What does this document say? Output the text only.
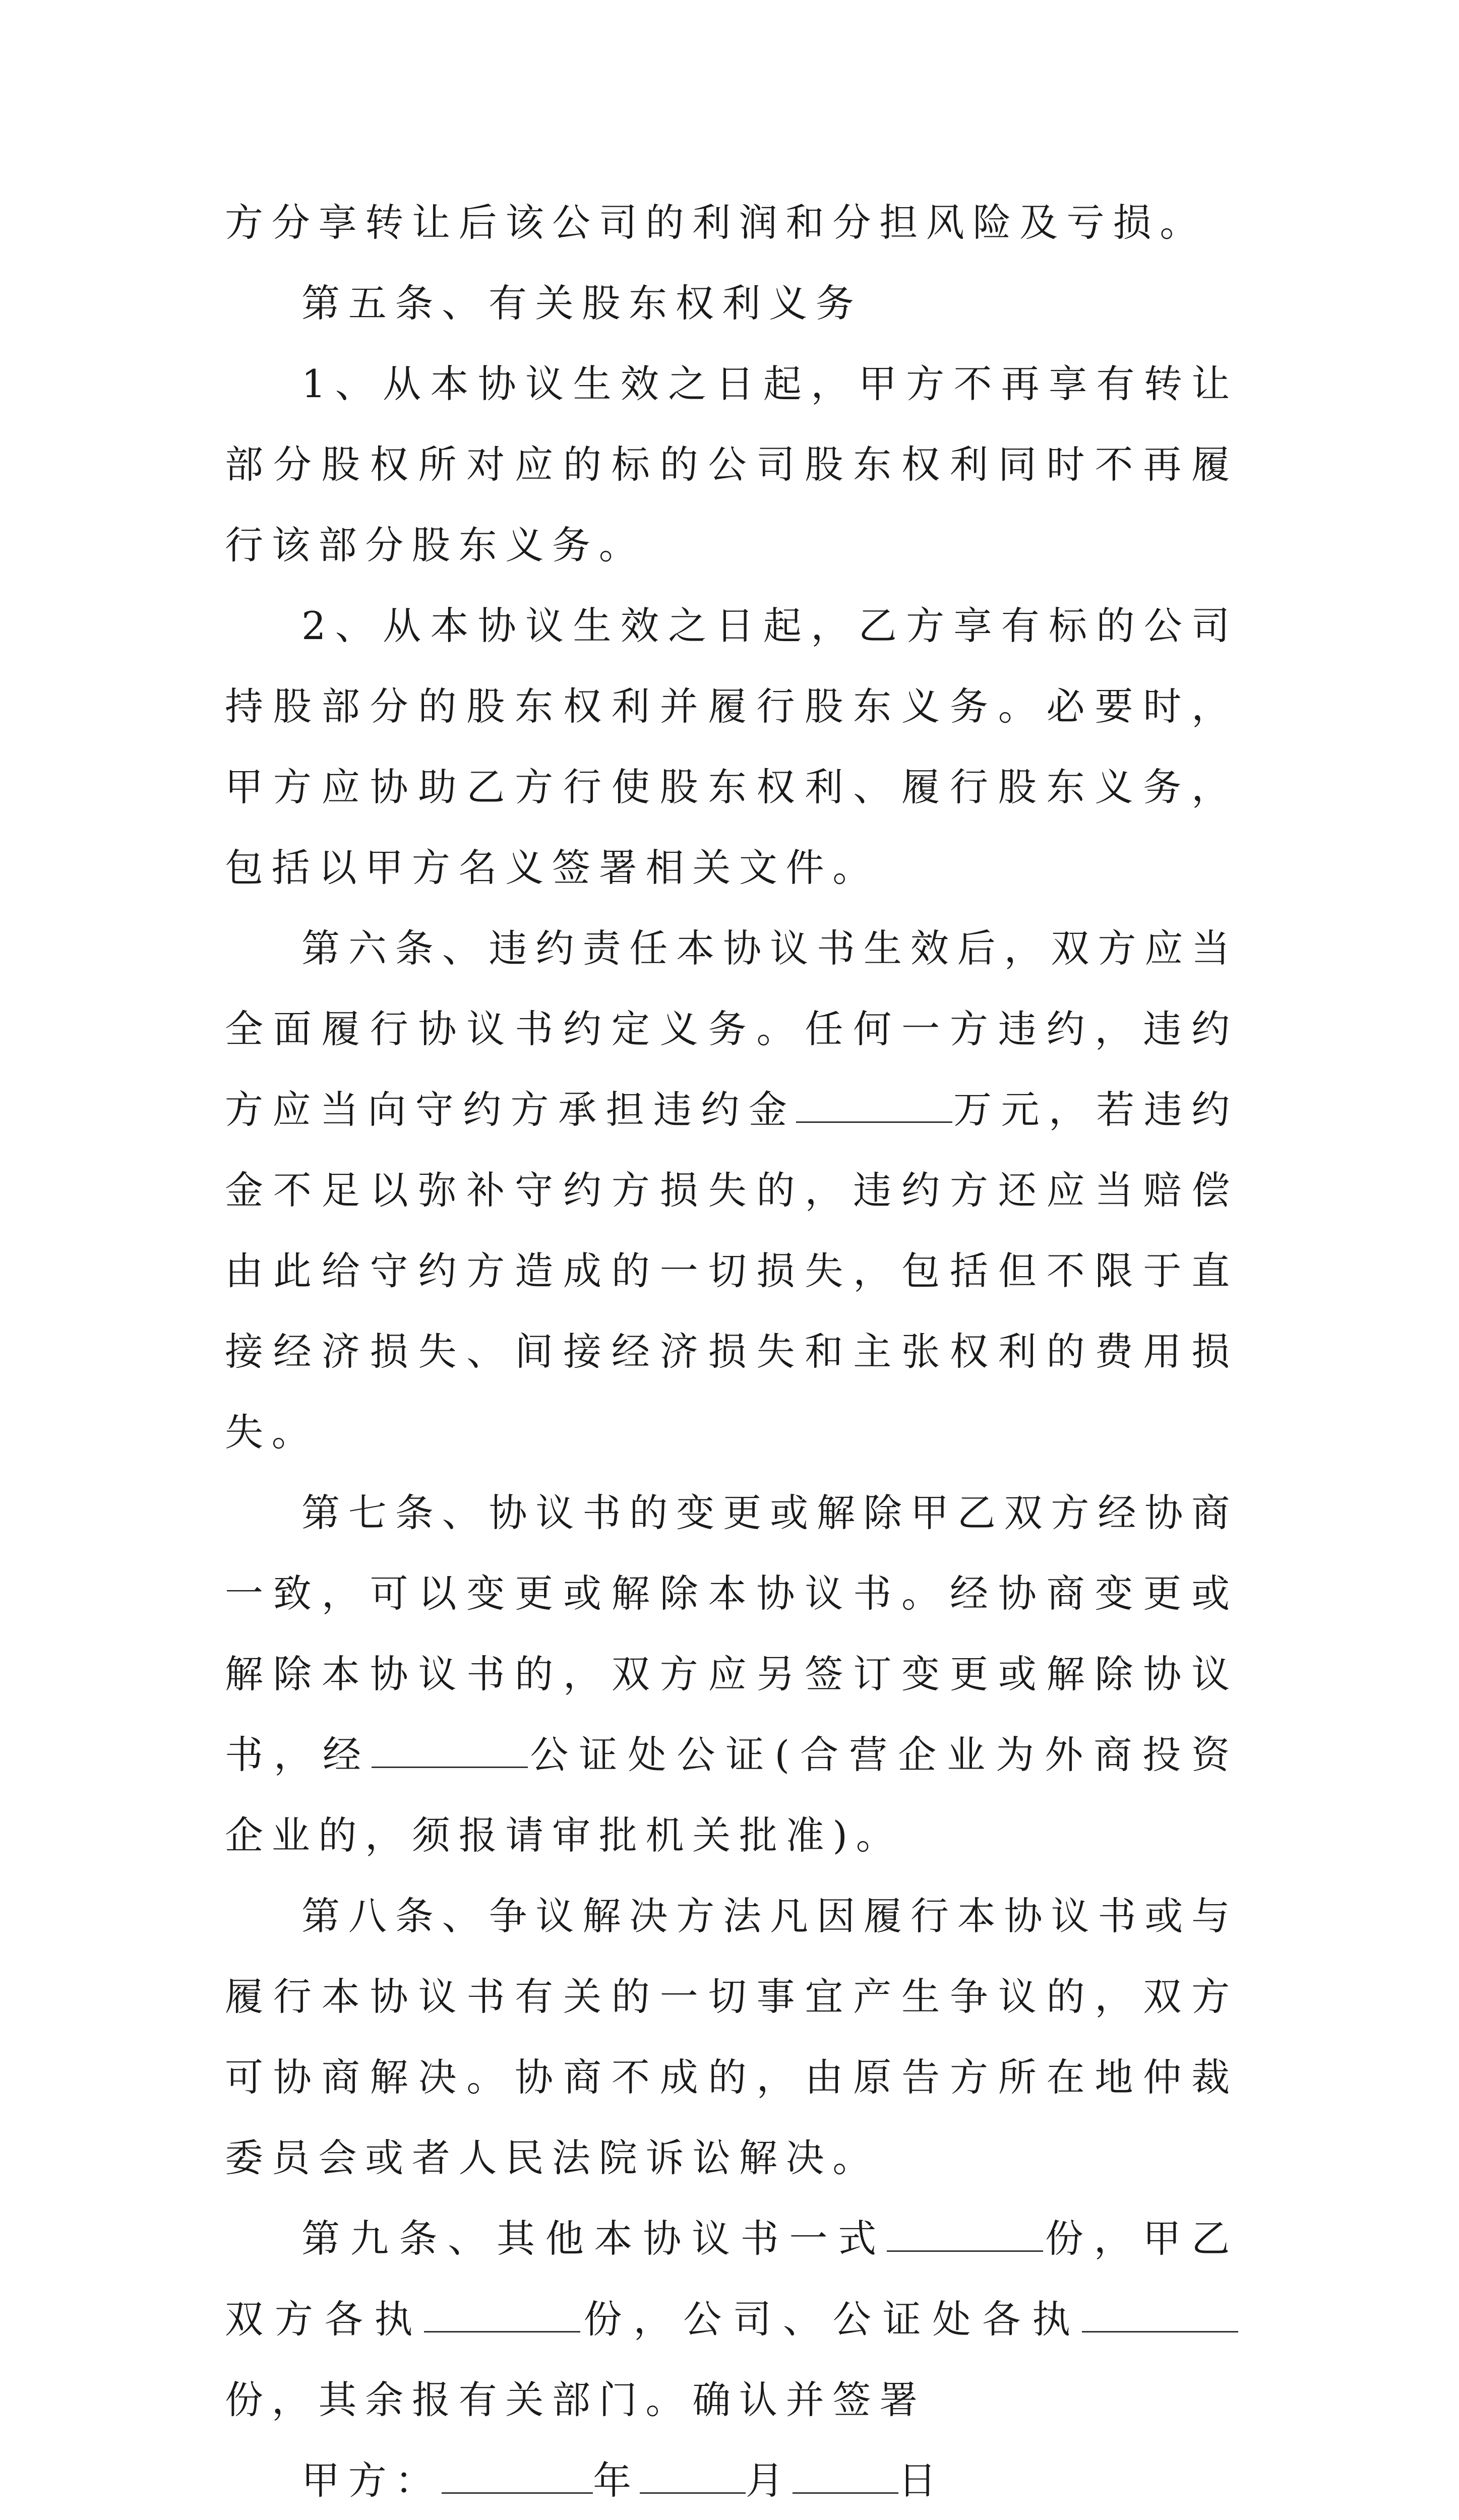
方分享转让后该公司的利润和分担风险及亏损。

第五条、有关股东权利义务

1、从本协议生效之日起，甲方不再享有转让部分股权所对应的标的公司股东权利同时不再履行该部分股东义务。

2、从本协议生效之日起，乙方享有标的公司持股部分的股东权利并履行股东义务。必要时，甲方应协助乙方行使股东权利、履行股东义务，包括以甲方名义签署相关文件。

第六条、违约责任本协议书生效后，双方应当全面履行协议书约定义务。任何一方违约，违约方应当向守约方承担违约金	万元，若违约金不足以弥补守约方损失的，违约方还应当赔偿由此给守约方造成的一切损失，包括但不限于直接经济损失、间接经济损失和主张权利的费用损失。

第七条、协议书的变更或解除甲乙双方经协商一致，可以变更或解除本协议书。经协商变更或解除本协议书的，双方应另签订变更或解除协议书，经	公证处公证(合营企业为外商投资企业的，须报请审批机关批准)。

第八条、争议解决方法凡因履行本协议书或与履行本协议书有关的一切事宜产生争议的，双方可协商解决。协商不成的，由原告方所在地仲裁委员会或者人民法院诉讼解决。

第九条、其他本协议书一式	份，甲乙双方各执	份，公司、公证处各执份，其余报有关部门。确认并签署

甲方：	年	月	日
